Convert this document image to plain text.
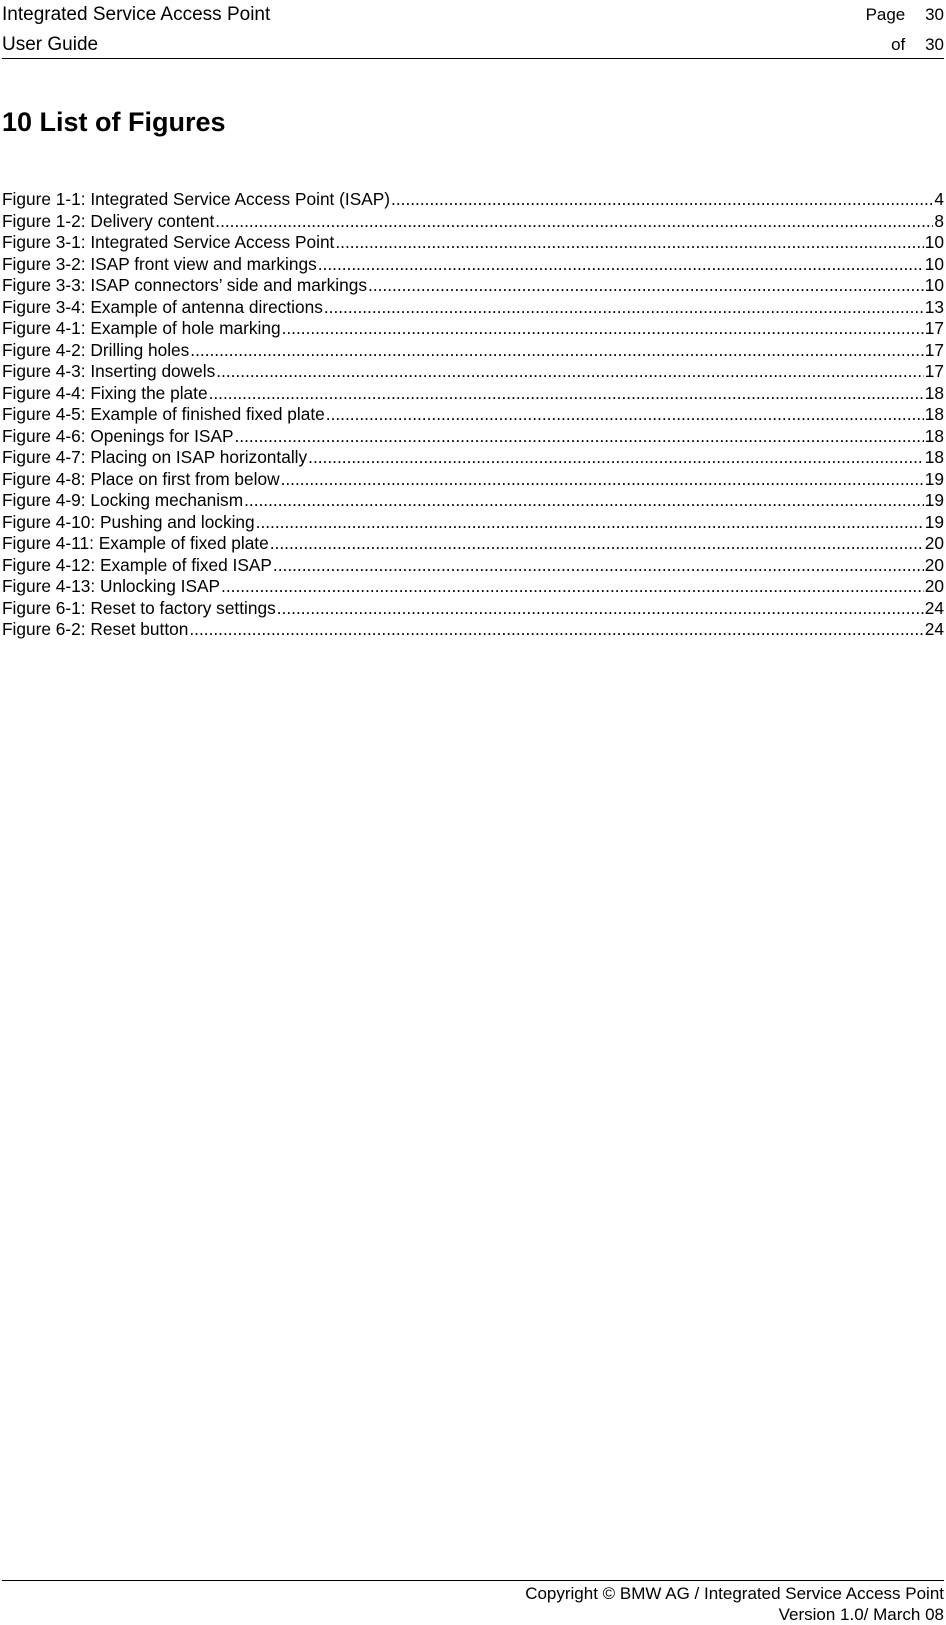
Integrated Service Access Point
User Guide
Page 30
of 30
10 List of Figures
Figure 1-1: Integrated Service Access Point (ISAP) .....	4
Figure 1-2: Delivery content .....	8
Figure 3-1: Integrated Service Access Point .....	10
Figure 3-2: ISAP front view and markings .....	10
Figure 3-3: ISAP connectors’ side and markings .....	10
Figure 3-4: Example of antenna directions .....	13
Figure 4-1: Example of hole marking .....	17
Figure 4-2: Drilling holes .....	17
Figure 4-3: Inserting dowels .....	17
Figure 4-4: Fixing the plate .....	18
Figure 4-5: Example of finished fixed plate .....	18
Figure 4-6: Openings for ISAP .....	18
Figure 4-7: Placing on ISAP horizontally .....	18
Figure 4-8: Place on first from below .....	19
Figure 4-9: Locking mechanism .....	19
Figure 4-10: Pushing and locking .....	19
Figure 4-11: Example of fixed plate .....	20
Figure 4-12: Example of fixed ISAP .....	20
Figure 4-13: Unlocking ISAP .....	20
Figure 6-1: Reset to factory settings .....	24
Figure 6-2: Reset button .....	24
Copyright © BMW AG / Integrated Service Access Point
Version 1.0/ March 08
